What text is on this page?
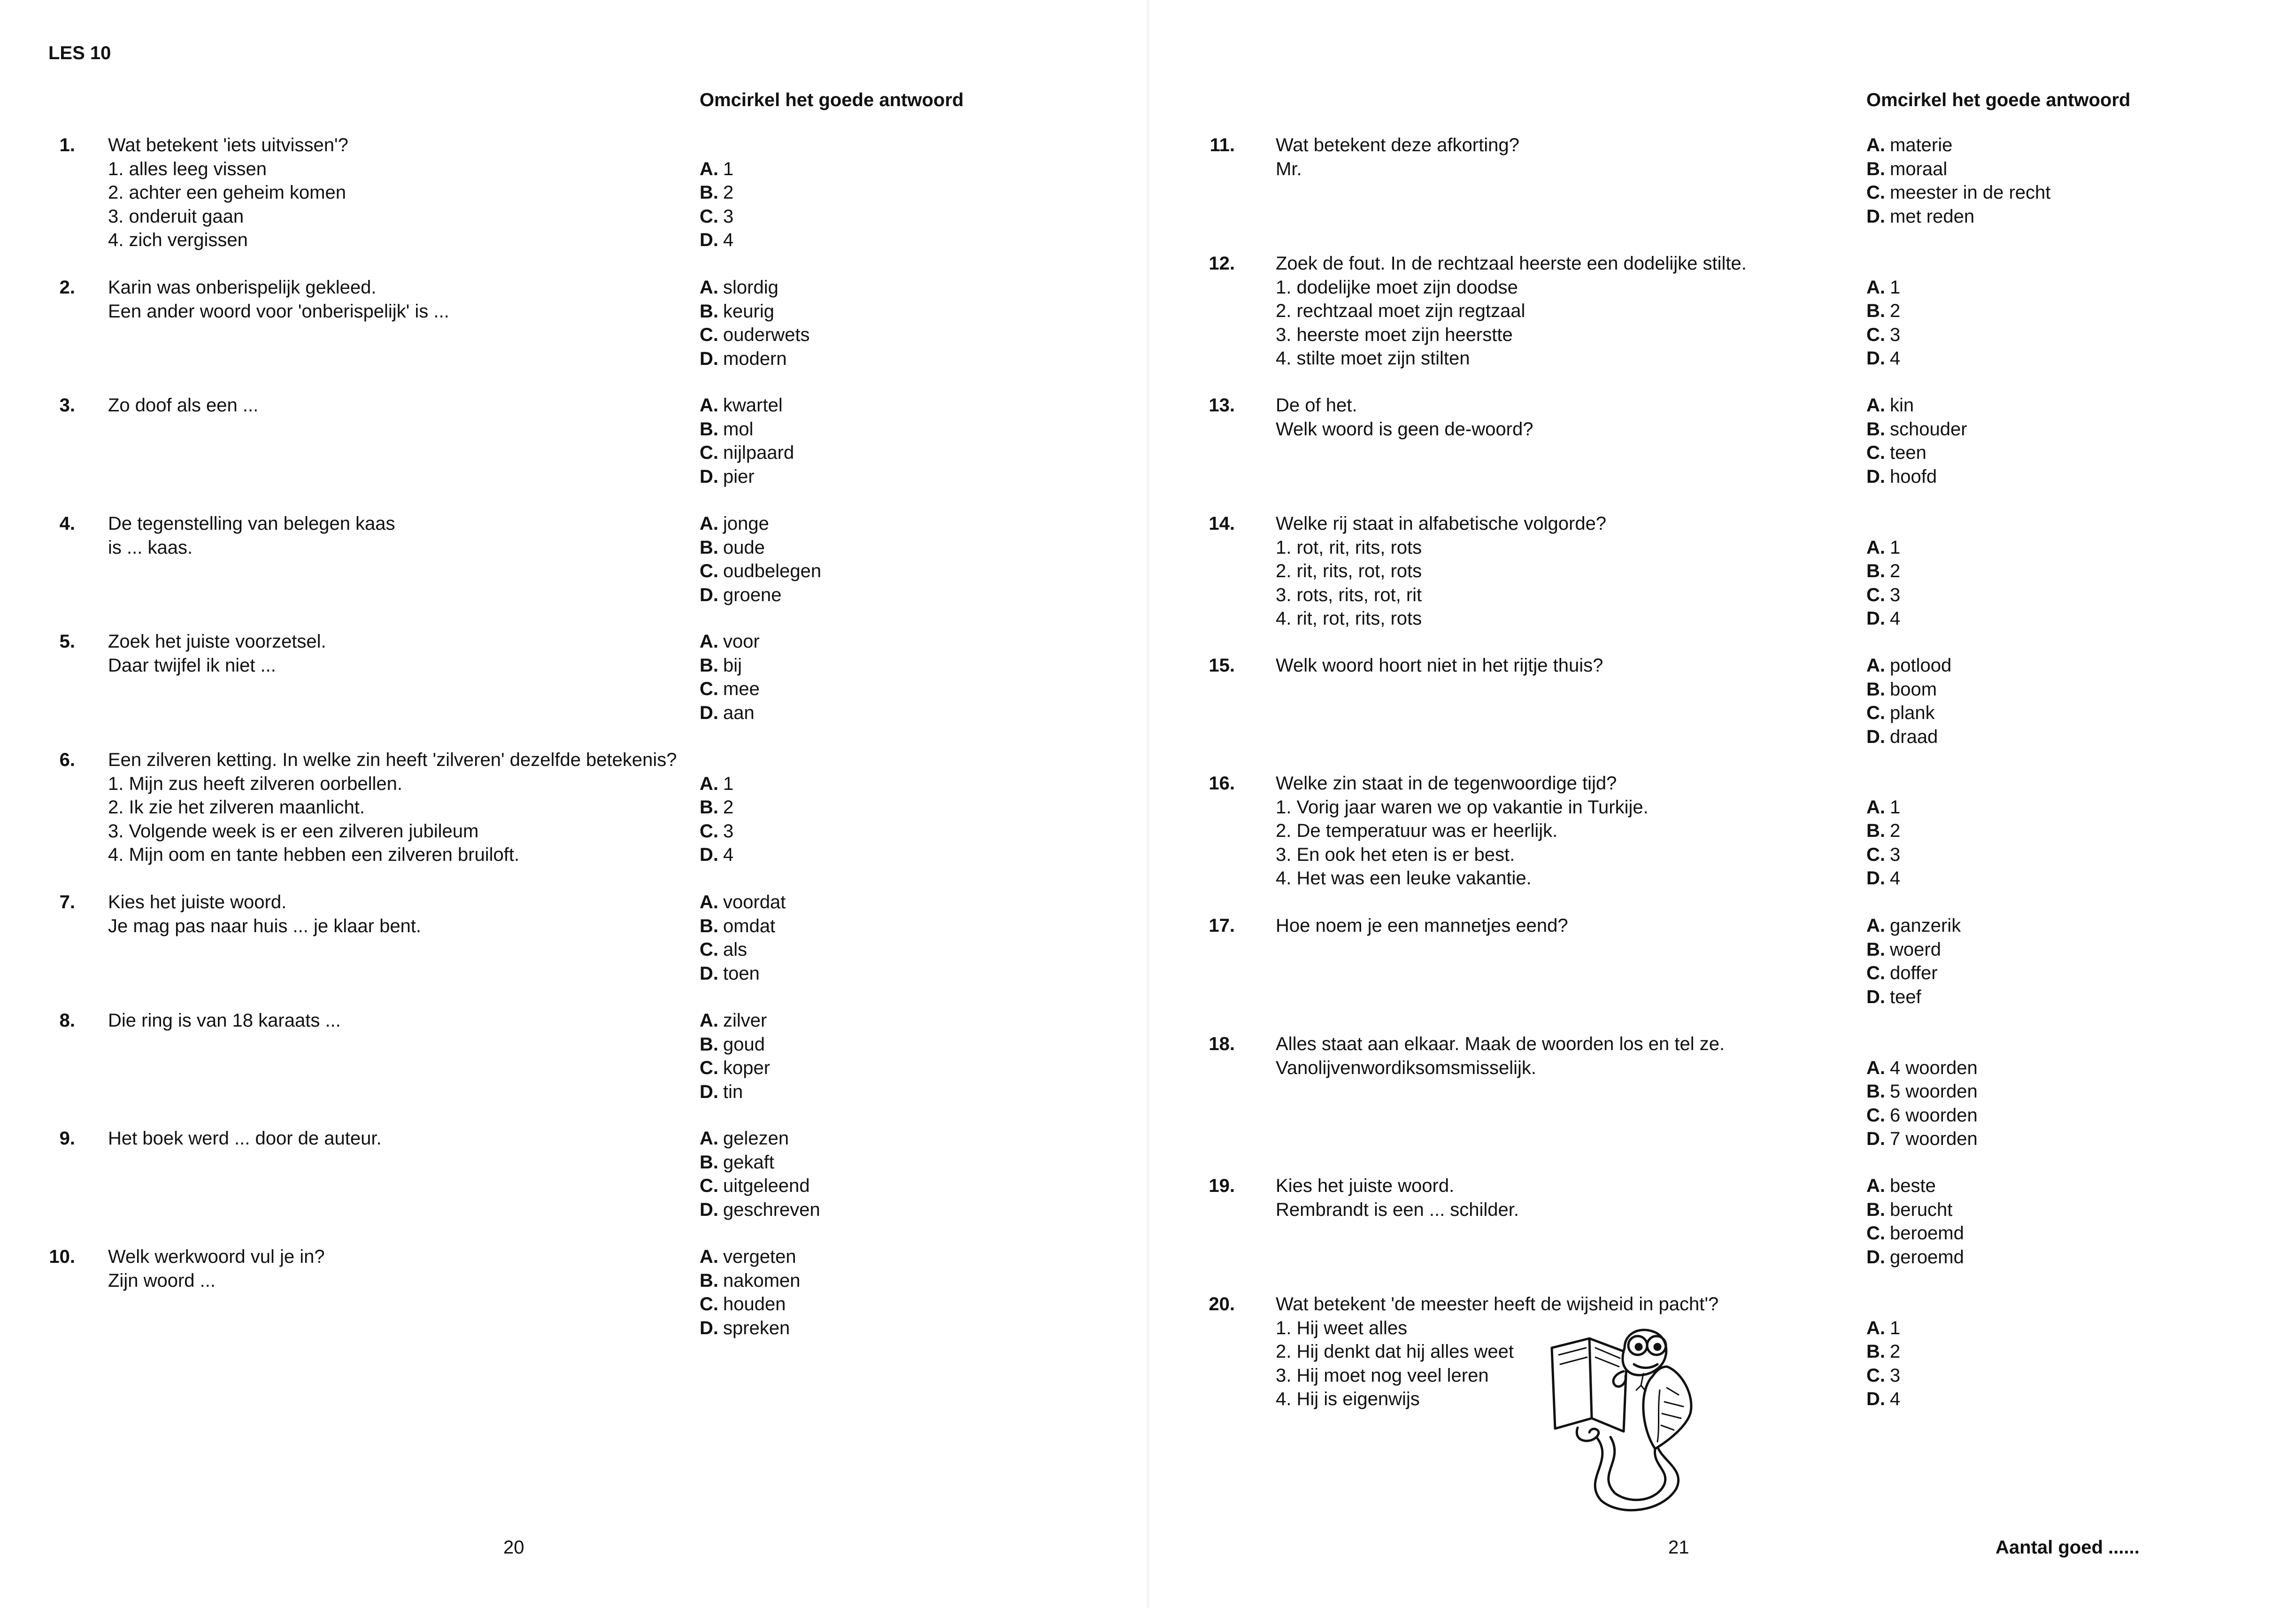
LES 10
Omcirkel het goede antwoord
1. Wat betekent 'iets uitvissen'?
1. alles leeg vissen
2. achter een geheim komen
3. onderuit gaan
4. zich vergissen
A. 1
B. 2
C. 3
D. 4
2. Karin was onberispelijk gekleed.
Een ander woord voor 'onberispelijk' is ...
A. slordig
B. keurig
C. ouderwets
D. modern
3. Zo doof als een ...	A. kwartel
B. mol
C. nijlpaard
D. pier
4. De tegenstelling van belegen kaas
is ... kaas.
A. jonge
B. oude
C. oudbelegen
D. groene
5. Zoek het juiste voorzetsel.
Daar twijfel ik niet ...
A. voor
B. bij
C. mee
D. aan
6. Een zilveren ketting. In welke zin heeft 'zilveren' dezelfde betekenis?
1. Mijn zus heeft zilveren oorbellen.
2. Ik zie het zilveren maanlicht.
3. Volgende week is er een zilveren jubileum
4. Mijn oom en tante hebben een zilveren bruiloft.
A. 1
B. 2
C. 3
D. 4
7. Kies het juiste woord.
Je mag pas naar huis ... je klaar bent.
A. voordat
B. omdat
C. als
D. toen
8. Die ring is van 18 karaats ...	A. zilver
B. goud
C. koper
D. tin
9. Het boek werd ... door de auteur.	A. gelezen
B. gekaft
C. uitgeleend
D. geschreven
10. Welk werkwoord vul je in?
Zijn woord ...
A. vergeten
B. nakomen
C. houden
D. spreken
20
Omcirkel het goede antwoord
11. Wat betekent deze afkorting?
Mr.
A. materie
B. moraal
C. meester in de recht
D. met reden
12. Zoek de fout. In de rechtzaal heerste een dodelijke stilte.
1. dodelijke moet zijn doodse
2. rechtzaal moet zijn regtzaal
3. heerste moet zijn heerstte
4. stilte moet zijn stilten
A. 1
B. 2
C. 3
D. 4
13. De of het.
Welk woord is geen de-woord?
A. kin
B. schouder
C. teen
D. hoofd
14. Welke rij staat in alfabetische volgorde?
1. rot, rit, rits, rots
2. rit, rits, rot, rots
3. rots, rits, rot, rit
4. rit, rot, rits, rots
A. 1
B. 2
C. 3
D. 4
15. Welk woord hoort niet in het rijtje thuis?	A. potlood
B. boom
C. plank
D. draad
16. Welke zin staat in de tegenwoordige tijd?
1. Vorig jaar waren we op vakantie in Turkije.
2. De temperatuur was er heerlijk.
3. En ook het eten is er best.
4. Het was een leuke vakantie.
A. 1
B. 2
C. 3
D. 4
17. Hoe noem je een mannetjes eend?	A. ganzerik
B. woerd
C. doffer
D. teef
18. Alles staat aan elkaar. Maak de woorden los en tel ze.
Vanolijvenwordiksomsmisselijk.	A. 4 woorden
B. 5 woorden
C. 6 woorden
D. 7 woorden
19. Kies het juiste woord.
Rembrandt is een ... schilder.
A. beste
B. berucht
C. beroemd
D. geroemd
20. Wat betekent 'de meester heeft de wijsheid in pacht'?
1. Hij weet alles
2. Hij denkt dat hij alles weet
3. Hij moet nog veel leren
4. Hij is eigenwijs
A. 1
B. 2
C. 3
D. 4
21	Aantal goed ......
